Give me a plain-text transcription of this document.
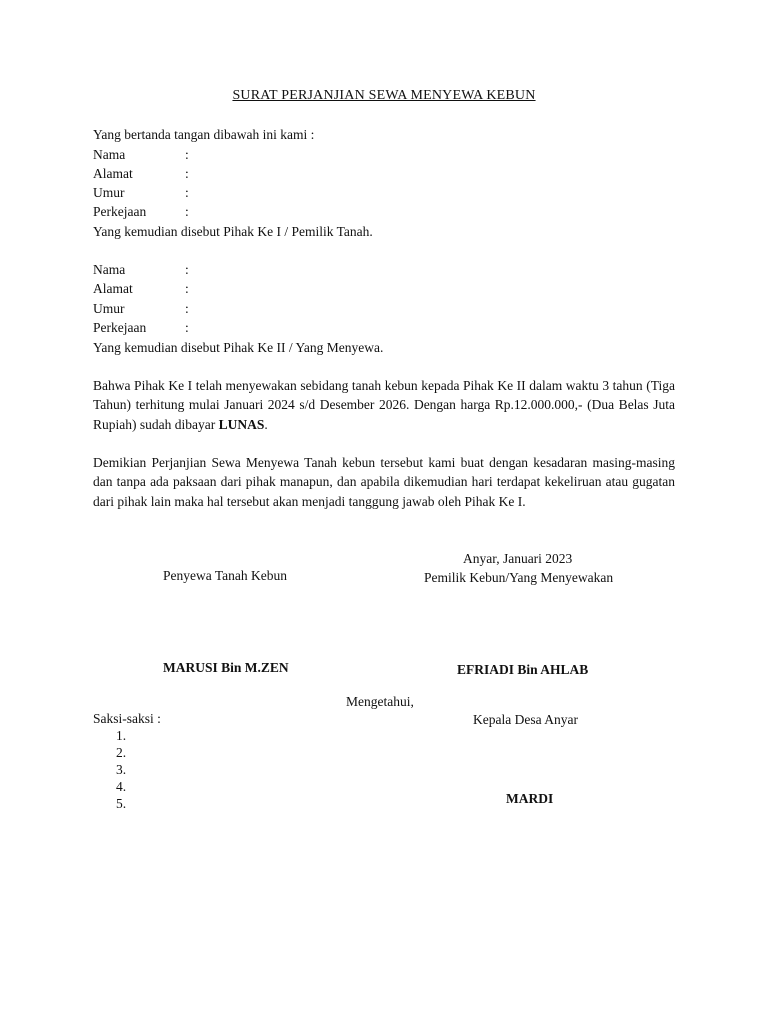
SURAT PERJANJIAN SEWA MENYEWA KEBUN
Yang bertanda tangan dibawah ini kami :
Nama	:
Alamat	:
Umur	:
Perkejaan	:
Yang kemudian disebut Pihak Ke I / Pemilik Tanah.
Nama	:
Alamat	:
Umur	:
Perkejaan	:
Yang kemudian disebut Pihak Ke II / Yang Menyewa.
Bahwa Pihak Ke I telah menyewakan sebidang tanah kebun kepada Pihak Ke II dalam waktu 3 tahun (Tiga Tahun) terhitung mulai Januari 2024 s/d Desember 2026. Dengan harga Rp.12.000.000,- (Dua Belas Juta Rupiah) sudah dibayar LUNAS.
Demikian Perjanjian Sewa Menyewa Tanah kebun tersebut kami buat dengan kesadaran masing-masing dan tanpa ada paksaan dari pihak manapun, dan apabila dikemudian hari terdapat kekeliruan atau gugatan dari pihak lain maka hal tersebut akan menjadi tanggung jawab oleh Pihak Ke I.
Anyar, Januari 2023
Penyewa Tanah Kebun	Pemilik Kebun/Yang Menyewakan
MARUSI Bin M.ZEN	EFRIADI Bin AHLAB
Mengetahui,
Saksi-saksi :	Kepala Desa Anyar
1.
2.
3.
4.
5.	MARDI
